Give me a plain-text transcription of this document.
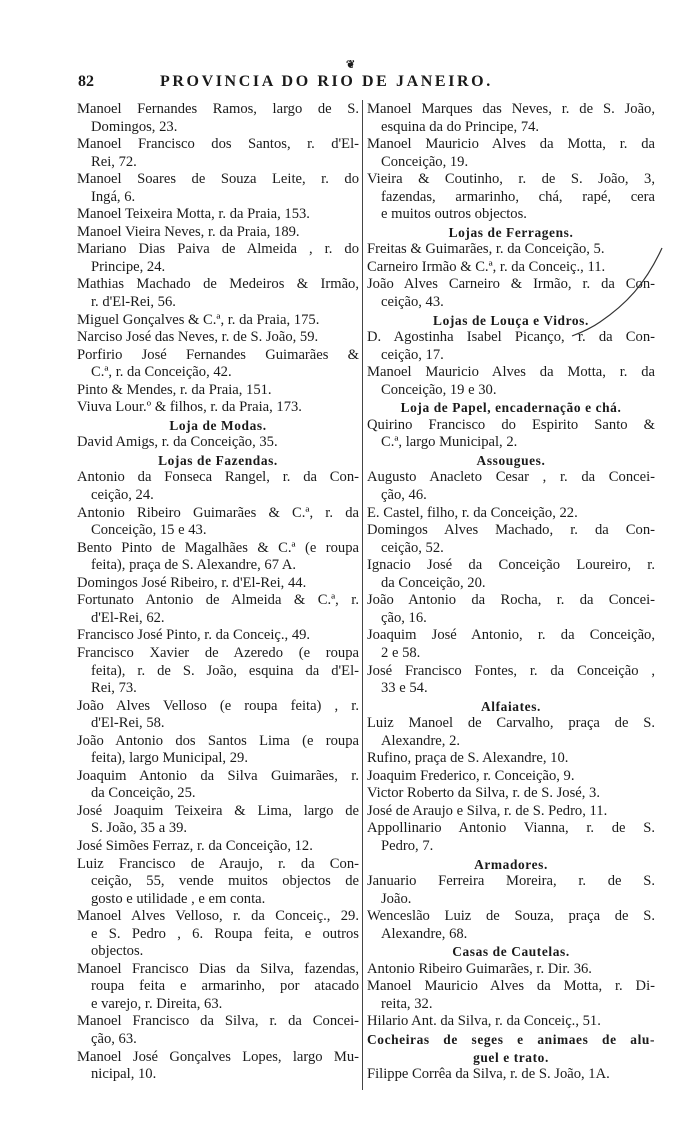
❦
82	PROVINCIA DO RIO DE JANEIRO.
Manoel Fernandes Ramos, largo de S.
Domingos, 23.
Manoel Francisco dos Santos, r. d'El-
Rei, 72.
Manoel Soares de Souza Leite, r. do
Ingá, 6.
Manoel Teixeira Motta, r. da Praia, 153.
Manoel Vieira Neves, r. da Praia, 189.
Mariano Dias Paiva de Almeida , r. do
Principe, 24.
Mathias Machado de Medeiros & Irmão,
r. d'El-Rei, 56.
Miguel Gonçalves & C.ª, r. da Praia, 175.
Narciso José das Neves, r. de S. João, 59.
Porfirio José Fernandes Guimarães &
C.ª, r. da Conceição, 42.
Pinto & Mendes, r. da Praia, 151.
Viuva Lour.º & filhos, r. da Praia, 173.
Loja de Modas.
David Amigs, r. da Conceição, 35.
Lojas de Fazendas.
Antonio da Fonseca Rangel, r. da Con-
ceição, 24.
Antonio Ribeiro Guimarães & C.ª, r. da
Conceição, 15 e 43.
Bento Pinto de Magalhães & C.ª (e roupa
feita), praça de S. Alexandre, 67 A.
Domingos José Ribeiro, r. d'El-Rei, 44.
Fortunato Antonio de Almeida & C.ª, r.
d'El-Rei, 62.
Francisco José Pinto, r. da Conceiç., 49.
Francisco Xavier de Azeredo (e roupa
feita), r. de S. João, esquina da d'El-
Rei, 73.
João Alves Velloso (e roupa feita) , r.
d'El-Rei, 58.
João Antonio dos Santos Lima (e roupa
feita), largo Municipal, 29.
Joaquim Antonio da Silva Guimarães, r.
da Conceição, 25.
José Joaquim Teixeira & Lima, largo de
S. João, 35 a 39.
José Simões Ferraz, r. da Conceição, 12.
Luiz Francisco de Araujo, r. da Con-
ceição, 55, vende muitos objectos de
gosto e utilidade , e em conta.
Manoel Alves Velloso, r. da Conceiç., 29.
e S. Pedro , 6. Roupa feita, e outros
objectos.
Manoel Francisco Dias da Silva, fazendas,
roupa feita e armarinho, por atacado
e varejo, r. Direita, 63.
Manoel Francisco da Silva, r. da Concei-
ção, 63.
Manoel José Gonçalves Lopes, largo Mu-
nicipal, 10.
Manoel Marques das Neves, r. de S. João,
esquina da do Principe, 74.
Manoel Mauricio Alves da Motta, r. da
Conceição, 19.
Vieira & Coutinho, r. de S. João, 3,
fazendas, armarinho, chá, rapé, cera
e muitos outros objectos.
Lojas de Ferragens.
Freitas & Guimarães, r. da Conceição, 5.
Carneiro Irmão & C.ª, r. da Conceiç., 11.
João Alves Carneiro & Irmão, r. da Con-
ceição, 43.
Lojas de Louça e Vidros.
D. Agostinha Isabel Picanço, r. da Con-
ceição, 17.
Manoel Mauricio Alves da Motta, r. da
Conceição, 19 e 30.
Loja de Papel, encadernação e chá.
Quirino Francisco do Espirito Santo &
C.ª, largo Municipal, 2.
Assougues.
Augusto Anacleto Cesar , r. da Concei-
ção, 46.
E. Castel, filho, r. da Conceição, 22.
Domingos Alves Machado, r. da Con-
ceição, 52.
Ignacio José da Conceição Loureiro, r.
da Conceição, 20.
João Antonio da Rocha, r. da Concei-
ção, 16.
Joaquim José Antonio, r. da Conceição,
2 e 58.
José Francisco Fontes, r. da Conceição ,
33 e 54.
Alfaiates.
Luiz Manoel de Carvalho, praça de S.
Alexandre, 2.
Rufino, praça de S. Alexandre, 10.
Joaquim Frederico, r. Conceição, 9.
Victor Roberto da Silva, r. de S. José, 3.
José de Araujo e Silva, r. de S. Pedro, 11.
Appollinario Antonio Vianna, r. de S.
Pedro, 7.
Armadores.
Januario Ferreira Moreira, r. de S.
João.
Wenceslão Luiz de Souza, praça de S.
Alexandre, 68.
Casas de Cautelas.
Antonio Ribeiro Guimarães, r. Dir. 36.
Manoel Mauricio Alves da Motta, r. Di-
reita, 32.
Hilario Ant. da Silva, r. da Conceiç., 51.
Cocheiras de seges e animaes de alu-
guel e trato.
Filippe Corrêa da Silva, r. de S. João, 1A.
